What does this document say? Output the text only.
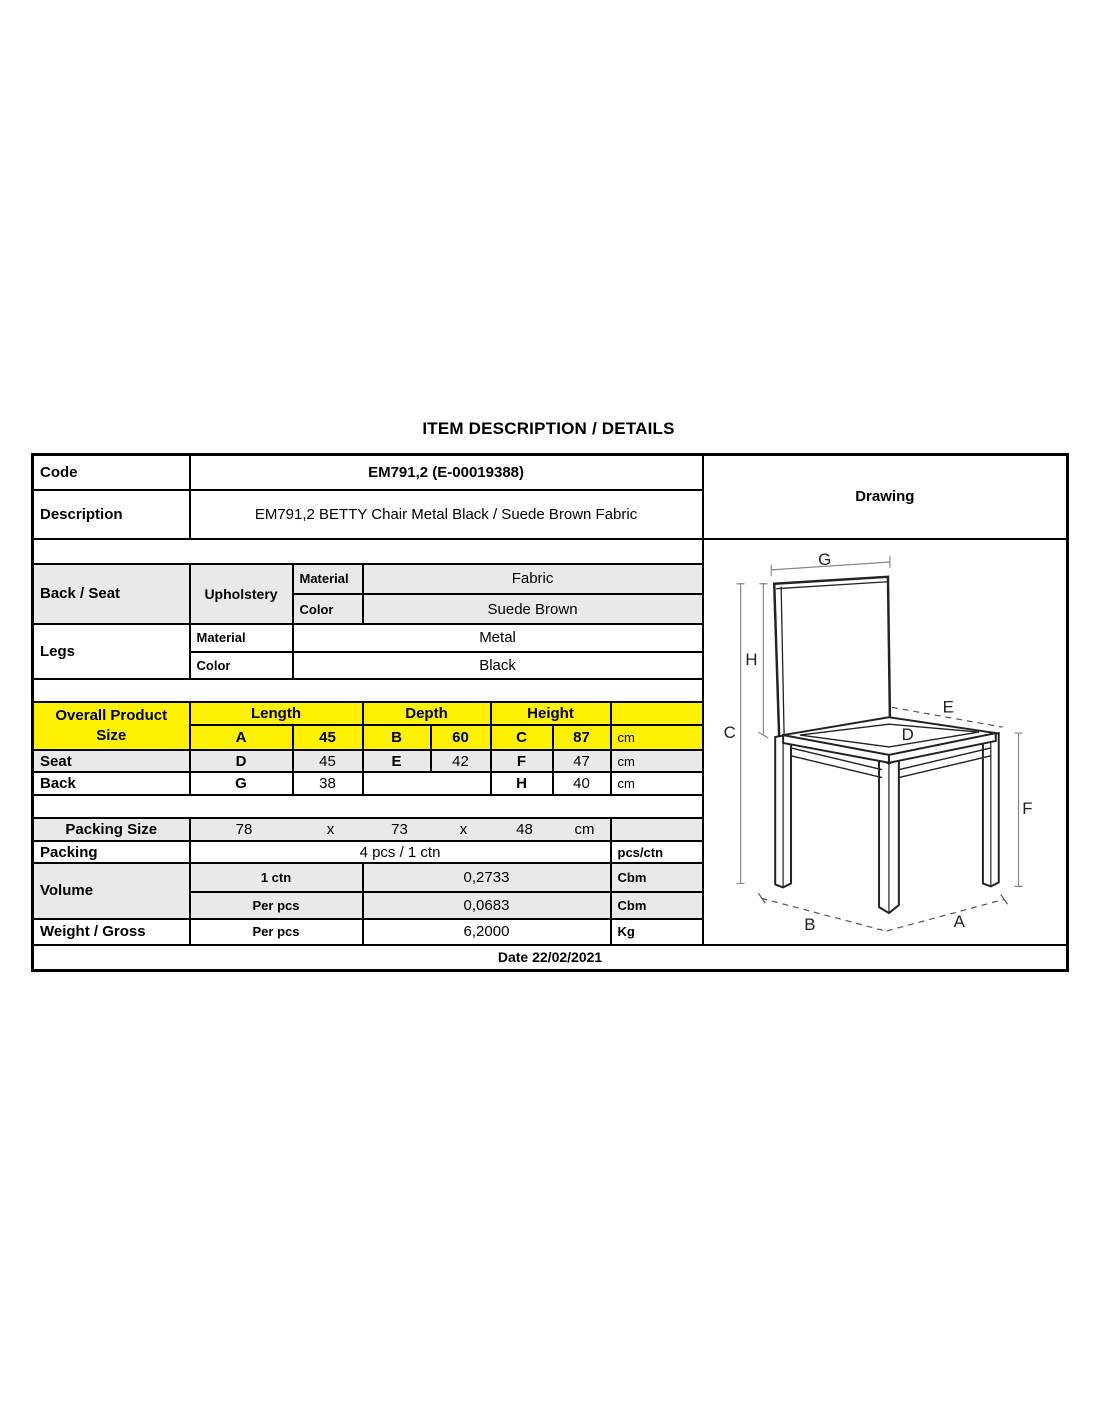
ITEM DESCRIPTION / DETAILS
Code	EM791,2 (E-00019388)							Drawing
Description	EM791,2 BETTY Chair Metal Black / Suede Brown Fabric							

G
H
C
E
D
F
B	A

Back / Seat	Upholstery	Material	Fabric					
		Color	Suede Brown					
Legs	Material	Metal						
	Color	Black						

Overall Product
Size	Length		Depth		Height			
	A	45	B	60	C	87	cm	
Seat	D	45	E	42	F	47	cm	
Back	G	38			H	40	cm	

Packing Size	78	x	73	x	48	cm

Packing	4 pcs / 1 ctn						pcs/ctn	
Volume	1 ctn		0,2733				Cbm	
	Per pcs		0,0683				Cbm	
Weight / Gross	Per pcs		6,2000				Kg	
Date 22/02/2021								
